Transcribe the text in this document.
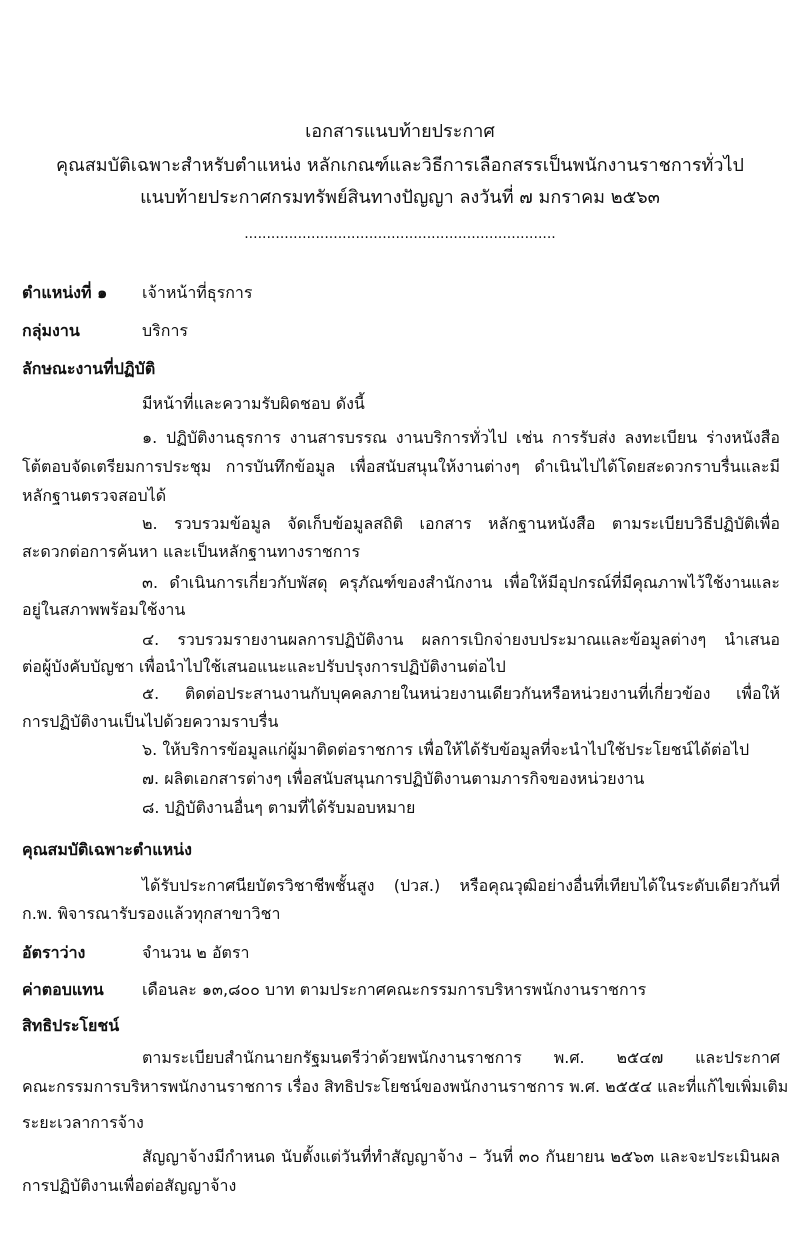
เอกสารแนบท้ายประกาศ
คุณสมบัติเฉพาะสำหรับตำแหน่ง หลักเกณฑ์และวิธีการเลือกสรรเป็นพนักงานราชการทั่วไป
แนบท้ายประกาศกรมทรัพย์สินทางปัญญา ลงวันที่ ๗ มกราคม ๒๕๖๓
......................................................................
ตำแหน่งที่ ๑ เจ้าหน้าที่ธุรการ
กลุ่มงาน	บริการ
ลักษณะงานที่ปฏิบัติ
มีหน้าที่และความรับผิดชอบ ดังนี้
๑. ปฏิบัติงานธุรการ งานสารบรรณ งานบริการทั่วไป เช่น การรับส่ง ลงทะเบียน ร่างหนังสือ
โต้ตอบจัดเตรียมการประชุม การบันทึกข้อมูล เพื่อสนับสนุนให้งานต่างๆ ดำเนินไปได้โดยสะดวกราบรื่นและมี
หลักฐานตรวจสอบได้
๒. รวบรวมข้อมูล จัดเก็บข้อมูลสถิติ เอกสาร หลักฐานหนังสือ ตามระเบียบวิธีปฏิบัติเพื่อ
สะดวกต่อการค้นหา และเป็นหลักฐานทางราชการ
๓. ดำเนินการเกี่ยวกับพัสดุ ครุภัณฑ์ของสำนักงาน เพื่อให้มีอุปกรณ์ที่มีคุณภาพไว้ใช้งานและ
อยู่ในสภาพพร้อมใช้งาน
๔. รวบรวมรายงานผลการปฏิบัติงาน ผลการเบิกจ่ายงบประมาณและข้อมูลต่างๆ นำเสนอ
ต่อผู้บังคับบัญชา เพื่อนำไปใช้เสนอแนะและปรับปรุงการปฏิบัติงานต่อไป
๕. ติดต่อประสานงานกับบุคคลภายในหน่วยงานเดียวกันหรือหน่วยงานที่เกี่ยวข้อง เพื่อให้
การปฏิบัติงานเป็นไปด้วยความราบรื่น
๖. ให้บริการข้อมูลแก่ผู้มาติดต่อราชการ เพื่อให้ได้รับข้อมูลที่จะนำไปใช้ประโยชน์ได้ต่อไป
๗. ผลิตเอกสารต่างๆ เพื่อสนับสนุนการปฏิบัติงานตามภารกิจของหน่วยงาน
๘. ปฏิบัติงานอื่นๆ ตามที่ได้รับมอบหมาย
คุณสมบัติเฉพาะตำแหน่ง
ได้รับประกาศนียบัตรวิชาชีพชั้นสูง (ปวส.) หรือคุณวุฒิอย่างอื่นที่เทียบได้ในระดับเดียวกันที่
ก.พ. พิจารณารับรองแล้วทุกสาขาวิชา
อัตราว่าง	จำนวน ๒ อัตรา
ค่าตอบแทน เดือนละ ๑๓,๘๐๐ บาท ตามประกาศคณะกรรมการบริหารพนักงานราชการ
สิทธิประโยชน์
ตามระเบียบสำนักนายกรัฐมนตรีว่าด้วยพนักงานราชการ พ.ศ. ๒๕๔๗ และประกาศ
คณะกรรมการบริหารพนักงานราชการ เรื่อง สิทธิประโยชน์ของพนักงานราชการ พ.ศ. ๒๕๕๔ และที่แก้ไขเพิ่มเติม
ระยะเวลาการจ้าง
สัญญาจ้างมีกำหนด นับตั้งแต่วันที่ทำสัญญาจ้าง – วันที่ ๓๐ กันยายน ๒๕๖๓ และจะประเมินผล
การปฏิบัติงานเพื่อต่อสัญญาจ้าง
